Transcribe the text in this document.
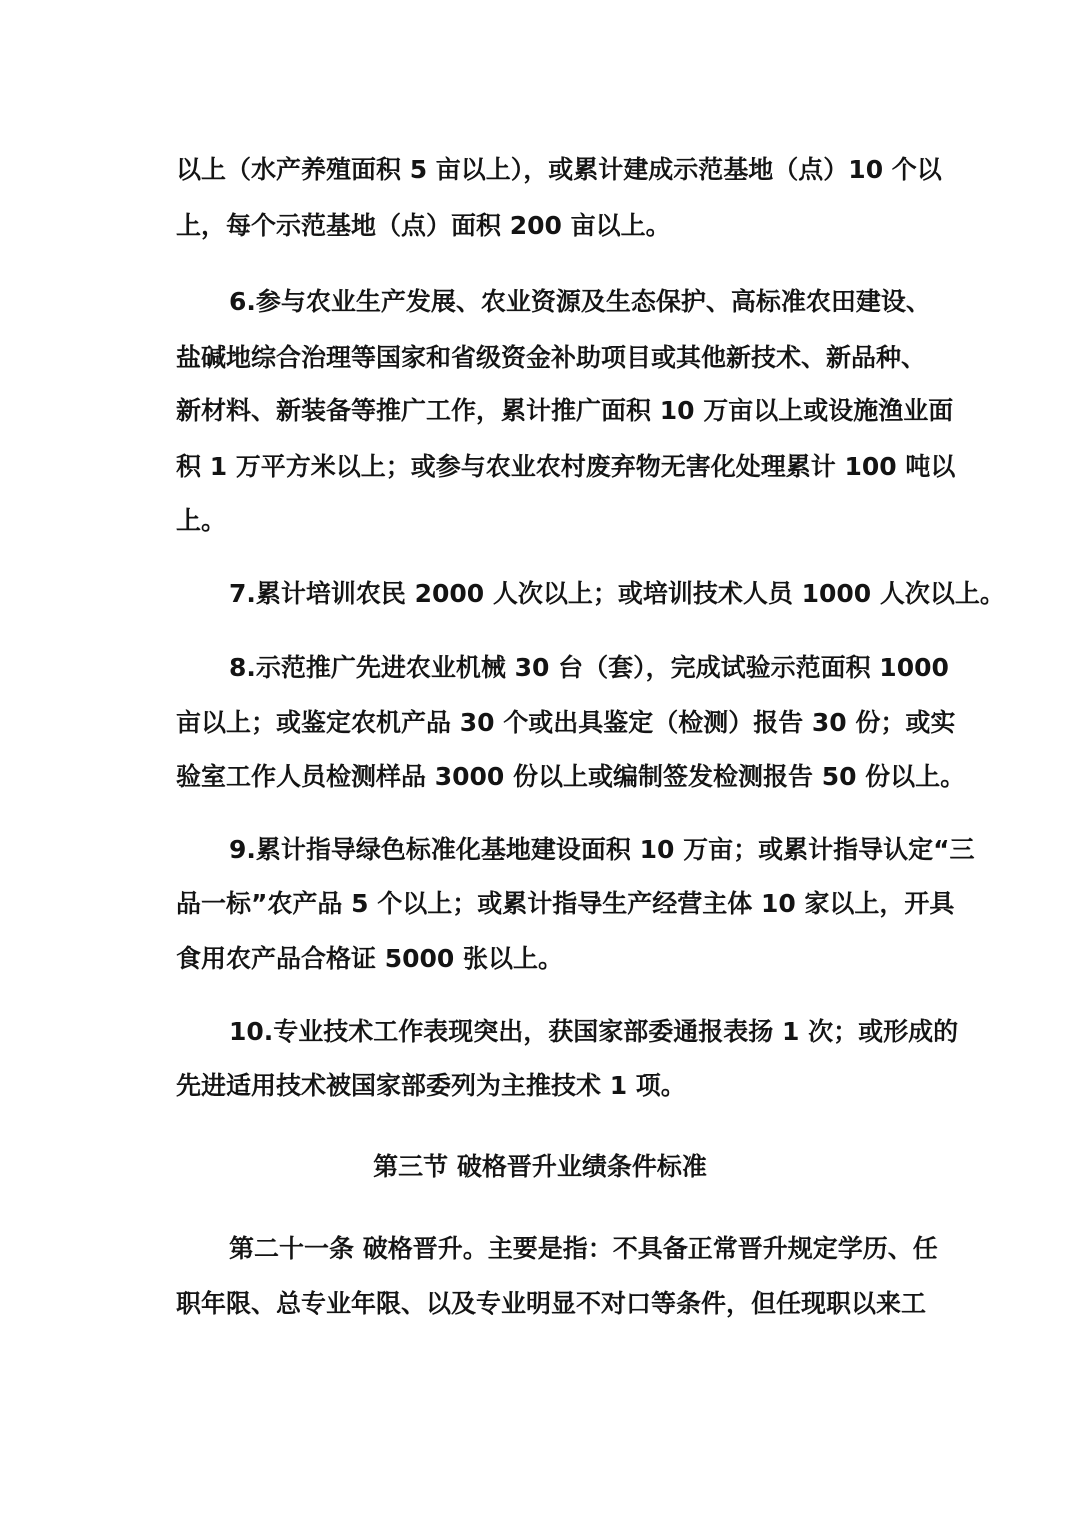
以上（水产养殖面积 5 亩以上），或累计建成示范基地（点）10 个以
上，每个示范基地（点）面积 200 亩以上。
6.参与农业生产发展、农业资源及生态保护、高标准农田建设、
盐碱地综合治理等国家和省级资金补助项目或其他新技术、新品种、
新材料、新装备等推广工作，累计推广面积 10 万亩以上或设施渔业面
积 1 万平方米以上；或参与农业农村废弃物无害化处理累计 100 吨以
上。
7.累计培训农民 2000 人次以上；或培训技术人员 1000 人次以上。
8.示范推广先进农业机械 30 台（套），完成试验示范面积 1000
亩以上；或鉴定农机产品 30 个或出具鉴定（检测）报告 30 份；或实
验室工作人员检测样品 3000 份以上或编制签发检测报告 50 份以上。
9.累计指导绿色标准化基地建设面积 10 万亩；或累计指导认定“三
品一标”农产品 5 个以上；或累计指导生产经营主体 10 家以上，开具
食用农产品合格证 5000 张以上。
10.专业技术工作表现突出，获国家部委通报表扬 1 次；或形成的
先进适用技术被国家部委列为主推技术 1 项。
第三节 破格晋升业绩条件标准
第二十一条 破格晋升。主要是指：不具备正常晋升规定学历、任
职年限、总专业年限、以及专业明显不对口等条件，但任现职以来工
